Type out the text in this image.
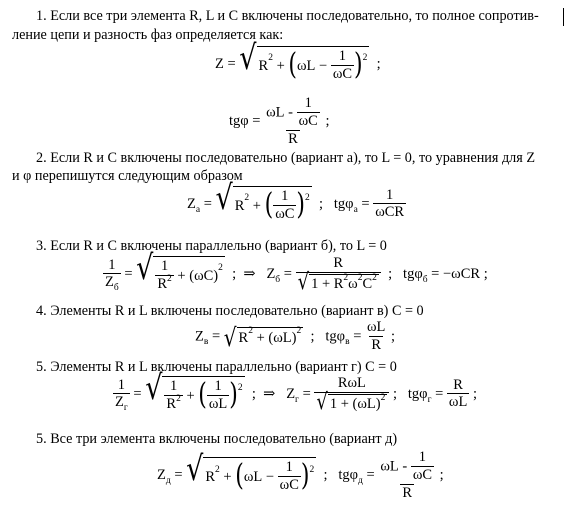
1. Если все три элемента R, L и C включены последовательно, то полное сопротив-
ление цепи и разность фаз определяется как:
Z = √ R 2
+
( ωL
−
$\frac{1}{\omega C}$ ) 2 ;
$tg\varphi = \frac{\omega L - \frac{1}{\omega C}}{R}$ ;
2. Если R и C включены последовательно (вариант а), то L = 0, то уравнения для Z
и φ перепишутся следующим образом
$Z_а$ = √ R 2
+
( 1
ωC ) 2 ; tgφ$_а$ =
1
ωCR
3. Если R и C включены параллельно (вариант б), то L = 0
1
$Z_б$
= √ 1
$R^2$
+
( ωC ) 2 ; ⇒ $Z_б = \frac{R}{√ 1 + R 2 \omega 2 C 2}$ ; tgφ$_б$ = −ωCR ;
4. Элементы R и L включены последовательно (вариант в) C = 0
$Z_в$ = √ R 2
+
( ωL ) 2 ; $tg\varphi_в = \frac{\omega L}{R}$ ;
5. Элементы R и L включены параллельно (вариант г) C = 0
1
$Z_г$
= √ 1
$R^2$
+
( 1
ωL ) 2 ; ⇒ $Z_г$ =
RωL
√ 1 + (ωL) 2 ; $tg\varphi_г = \frac{R}{\omega L}$ ;
5. Все три элемента включены последовательно (вариант д)
$Z_д$ = √ R 2
+
( ωL
−
$\frac{1}{\omega C}$ ) 2 ; $tg\varphi_д = \frac{\omega L - \frac{1}{\omega C}}{R}$ ;
